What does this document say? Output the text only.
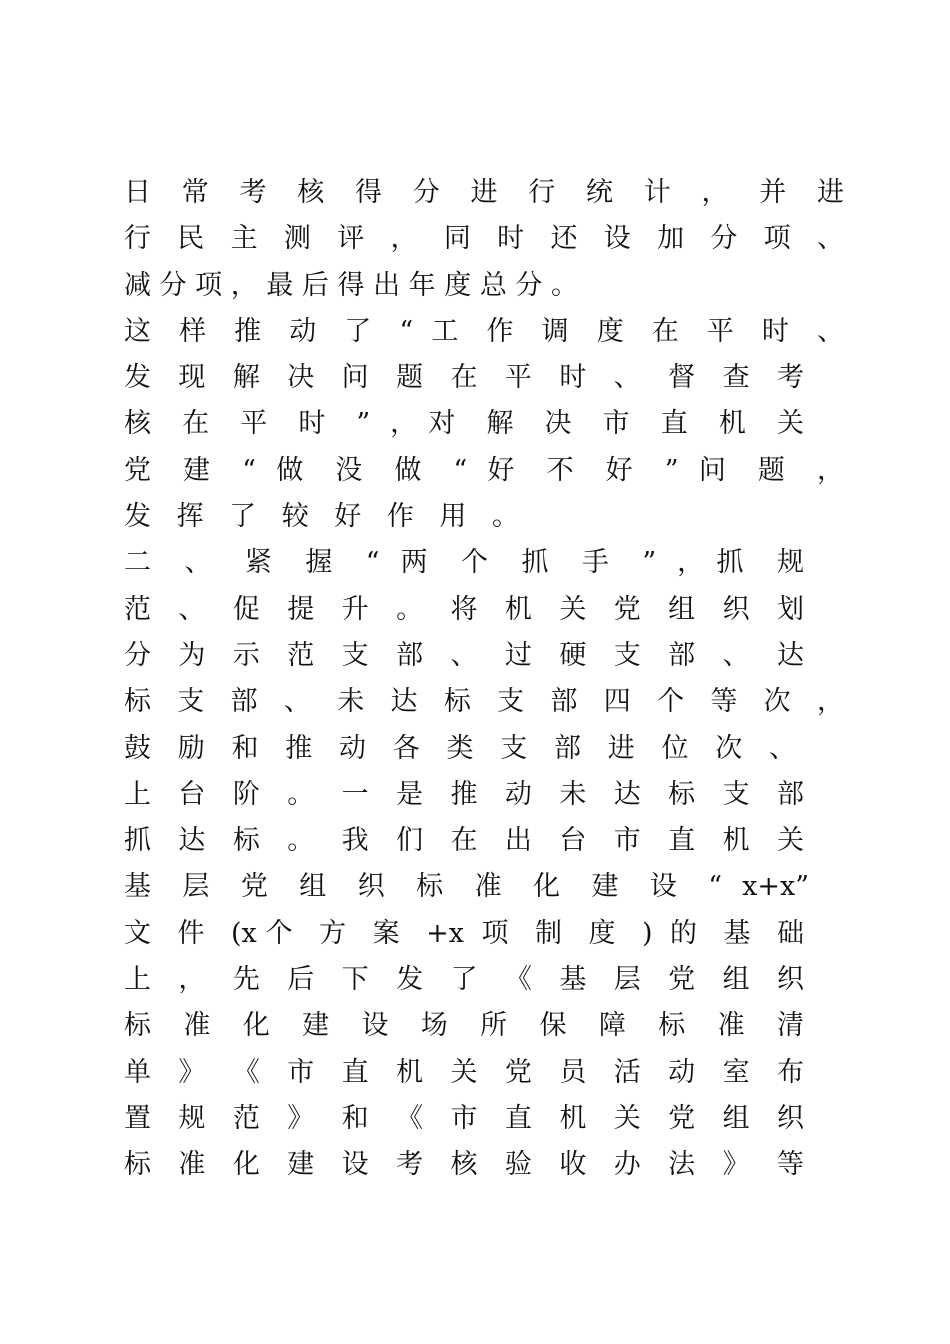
日 常 考 核 得 分 进 行 统 计 ， 并 进
行 民 主 测 评 ， 同 时 还 设 加 分 项 、
减 分 项 ， 最 后 得 出 年 度 总 分 。
这 样 推 动 了 “ 工 作 调 度 在 平 时 、
发 现 解 决 问 题 在 平 时 、 督 查 考
核 在 平 时 ” ，对 解 决 市 直 机 关
党 建 “ 做 没 做 “ 好 不 好 ” 问 题 ，
发 挥 了 较 好 作 用 。
二 、 紧 握 “ 两 个 抓 手 ” ，抓 规
范 、 促 提 升 。 将 机 关 党 组 织 划
分 为 示 范 支 部 、 过 硬 支 部 、 达
标 支 部 、 未 达 标 支 部 四 个 等 次 ，
鼓 励 和 推 动 各 类 支 部 进 位 次 、
上 台 阶 。 一 是 推 动 未 达 标 支 部
抓 达 标 。 我 们 在 出 台 市 直 机 关
基 层 党 组 织 标 准 化 建 设 “ x+x”
文 件 (x个 方 案 +x 项 制 度 ) 的 基 础
上 ， 先 后 下 发 了 《 基 层 党 组 织
标 准 化 建 设 场 所 保 障 标 准 清
单 》 《 市 直 机 关 党 员 活 动 室 布
置 规 范 》 和 《 市 直 机 关 党 组 织
标 准 化 建 设 考 核 验 收 办 法 》 等
